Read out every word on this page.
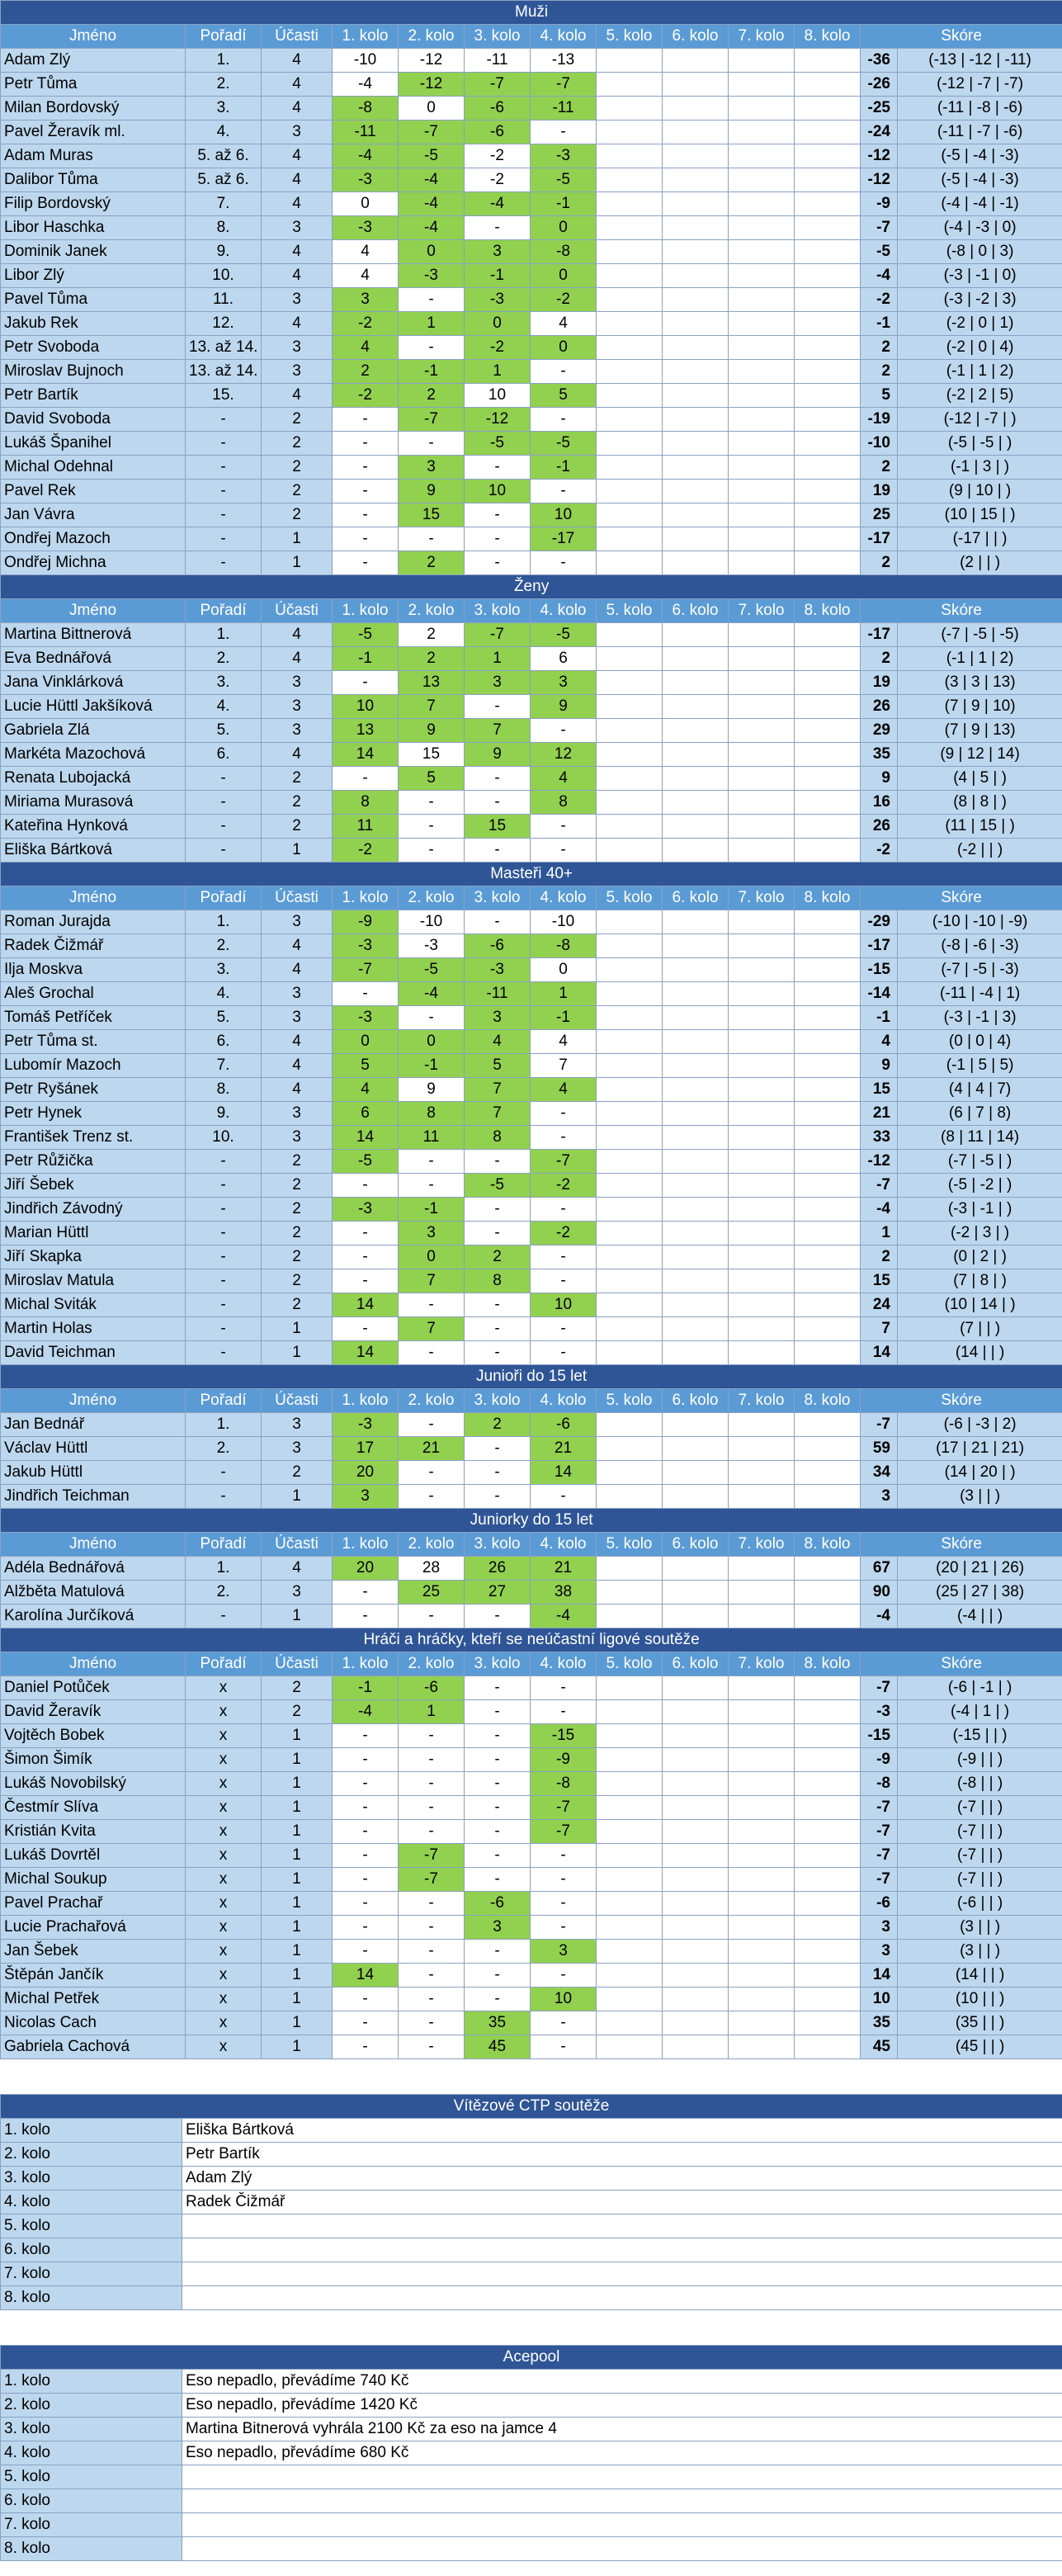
Muži												
Jméno	Pořadí	Účasti	1. kolo	2. kolo	3. kolo	4. kolo	5. kolo	6. kolo	7. kolo	8. kolo	Skóre	
Adam Zlý	1.	4	-10	-12	-11	-13					-36	(-13 | -12 | -11)
Petr Tůma	2.	4	-4	-12	-7	-7					-26	(-12 | -7 | -7)
Milan Bordovský	3.	4	-8	0	-6	-11					-25	(-11 | -8 | -6)
Pavel Žeravík ml.	4.	3	-11	-7	-6	-					-24	(-11 | -7 | -6)
Adam Muras	5. až 6.	4	-4	-5	-2	-3					-12	(-5 | -4 | -3)
Dalibor Tůma	5. až 6.	4	-3	-4	-2	-5					-12	(-5 | -4 | -3)
Filip Bordovský	7.	4	0	-4	-4	-1					-9	(-4 | -4 | -1)
Libor Haschka	8.	3	-3	-4	-	0					-7	(-4 | -3 | 0)
Dominik Janek	9.	4	4	0	3	-8					-5	(-8 | 0 | 3)
Libor Zlý	10.	4	4	-3	-1	0					-4	(-3 | -1 | 0)
Pavel Tůma	11.	3	3	-	-3	-2					-2	(-3 | -2 | 3)
Jakub Rek	12.	4	-2	1	0	4					-1	(-2 | 0 | 1)
Petr Svoboda	13. až 14.	3	4	-	-2	0					2	(-2 | 0 | 4)
Miroslav Bujnoch	13. až 14.	3	2	-1	1	-					2	(-1 | 1 | 2)
Petr Bartík	15.	4	-2	2	10	5					5	(-2 | 2 | 5)
David Svoboda	-	2	-	-7	-12	-					-19	(-12 | -7 | )
Lukáš Španihel	-	2	-	-	-5	-5					-10	(-5 | -5 | )
Michal Odehnal	-	2	-	3	-	-1					2	(-1 | 3 | )
Pavel Rek	-	2	-	9	10	-					19	(9 | 10 | )
Jan Vávra	-	2	-	15	-	10					25	(10 | 15 | )
Ondřej Mazoch	-	1	-	-	-	-17					-17	(-17 | | )
Ondřej Michna	-	1	-	2	-	-					2	(2 | | )
Ženy												
Jméno	Pořadí	Účasti	1. kolo	2. kolo	3. kolo	4. kolo	5. kolo	6. kolo	7. kolo	8. kolo	Skóre	
Martina Bittnerová	1.	4	-5	2	-7	-5					-17	(-7 | -5 | -5)
Eva Bednářová	2.	4	-1	2	1	6					2	(-1 | 1 | 2)
Jana Vinklárková	3.	3	-	13	3	3					19	(3 | 3 | 13)
Lucie Hüttl Jakšíková	4.	3	10	7	-	9					26	(7 | 9 | 10)
Gabriela Zlá	5.	3	13	9	7	-					29	(7 | 9 | 13)
Markéta Mazochová	6.	4	14	15	9	12					35	(9 | 12 | 14)
Renata Lubojacká	-	2	-	5	-	4					9	(4 | 5 | )
Miriama Murasová	-	2	8	-	-	8					16	(8 | 8 | )
Kateřina Hynková	-	2	11	-	15	-					26	(11 | 15 | )
Eliška Bártková	-	1	-2	-	-	-					-2	(-2 | | )
Masteři 40+												
Jméno	Pořadí	Účasti	1. kolo	2. kolo	3. kolo	4. kolo	5. kolo	6. kolo	7. kolo	8. kolo	Skóre	
Roman Jurajda	1.	3	-9	-10	-	-10					-29	(-10 | -10 | -9)
Radek Čižmář	2.	4	-3	-3	-6	-8					-17	(-8 | -6 | -3)
Ilja Moskva	3.	4	-7	-5	-3	0					-15	(-7 | -5 | -3)
Aleš Grochal	4.	3	-	-4	-11	1					-14	(-11 | -4 | 1)
Tomáš Petříček	5.	3	-3	-	3	-1					-1	(-3 | -1 | 3)
Petr Tůma st.	6.	4	0	0	4	4					4	(0 | 0 | 4)
Lubomír Mazoch	7.	4	5	-1	5	7					9	(-1 | 5 | 5)
Petr Ryšánek	8.	4	4	9	7	4					15	(4 | 4 | 7)
Petr Hynek	9.	3	6	8	7	-					21	(6 | 7 | 8)
František Trenz st.	10.	3	14	11	8	-					33	(8 | 11 | 14)
Petr Růžička	-	2	-5	-	-	-7					-12	(-7 | -5 | )
Jiří Šebek	-	2	-	-	-5	-2					-7	(-5 | -2 | )
Jindřich Závodný	-	2	-3	-1	-	-					-4	(-3 | -1 | )
Marian Hüttl	-	2	-	3	-	-2					1	(-2 | 3 | )
Jiří Skapka	-	2	-	0	2	-					2	(0 | 2 | )
Miroslav Matula	-	2	-	7	8	-					15	(7 | 8 | )
Michal Sviták	-	2	14	-	-	10					24	(10 | 14 | )
Martin Holas	-	1	-	7	-	-					7	(7 | | )
David Teichman	-	1	14	-	-	-					14	(14 | | )
Junioři do 15 let												
Jméno	Pořadí	Účasti	1. kolo	2. kolo	3. kolo	4. kolo	5. kolo	6. kolo	7. kolo	8. kolo	Skóre	
Jan Bednář	1.	3	-3	-	2	-6					-7	(-6 | -3 | 2)
Václav Hüttl	2.	3	17	21	-	21					59	(17 | 21 | 21)
Jakub Hüttl	-	2	20	-	-	14					34	(14 | 20 | )
Jindřich Teichman	-	1	3	-	-	-					3	(3 | | )
Juniorky do 15 let												
Jméno	Pořadí	Účasti	1. kolo	2. kolo	3. kolo	4. kolo	5. kolo	6. kolo	7. kolo	8. kolo	Skóre	
Adéla Bednářová	1.	4	20	28	26	21					67	(20 | 21 | 26)
Alžběta Matulová	2.	3	-	25	27	38					90	(25 | 27 | 38)
Karolína Jurčíková	-	1	-	-	-	-4					-4	(-4 | | )
Hráči a hráčky, kteří se neúčastní ligové soutěže												
Jméno	Pořadí	Účasti	1. kolo	2. kolo	3. kolo	4. kolo	5. kolo	6. kolo	7. kolo	8. kolo	Skóre	
Daniel Potůček	x	2	-1	-6	-	-					-7	(-6 | -1 | )
David Žeravík	x	2	-4	1	-	-					-3	(-4 | 1 | )
Vojtěch Bobek	x	1	-	-	-	-15					-15	(-15 | | )
Šimon Šimík	x	1	-	-	-	-9					-9	(-9 | | )
Lukáš Novobilský	x	1	-	-	-	-8					-8	(-8 | | )
Čestmír Slíva	x	1	-	-	-	-7					-7	(-7 | | )
Kristián Kvita	x	1	-	-	-	-7					-7	(-7 | | )
Lukáš Dovrtěl	x	1	-	-7	-	-					-7	(-7 | | )
Michal Soukup	x	1	-	-7	-	-					-7	(-7 | | )
Pavel Prachař	x	1	-	-	-6	-					-6	(-6 | | )
Lucie Prachařová	x	1	-	-	3	-					3	(3 | | )
Jan Šebek	x	1	-	-	-	3					3	(3 | | )
Štěpán Jančík	x	1	14	-	-	-					14	(14 | | )
Michal Petřek	x	1	-	-	-	10					10	(10 | | )
Nicolas Cach	x	1	-	-	35	-					35	(35 | | )
Gabriela Cachová	x	1	-	-	45	-					45	(45 | | )
Vítězové CTP soutěže	
1. kolo	Eliška Bártková
2. kolo	Petr Bartík
3. kolo	Adam Zlý
4. kolo	Radek Čižmář
5. kolo	
6. kolo	
7. kolo	
8. kolo	
Acepool	
1. kolo	Eso nepadlo, převádíme 740 Kč
2. kolo	Eso nepadlo, převádíme 1420 Kč
3. kolo	Martina Bitnerová vyhrála 2100 Kč za eso na jamce 4
4. kolo	Eso nepadlo, převádíme 680 Kč
5. kolo	
6. kolo	
7. kolo	
8. kolo	
